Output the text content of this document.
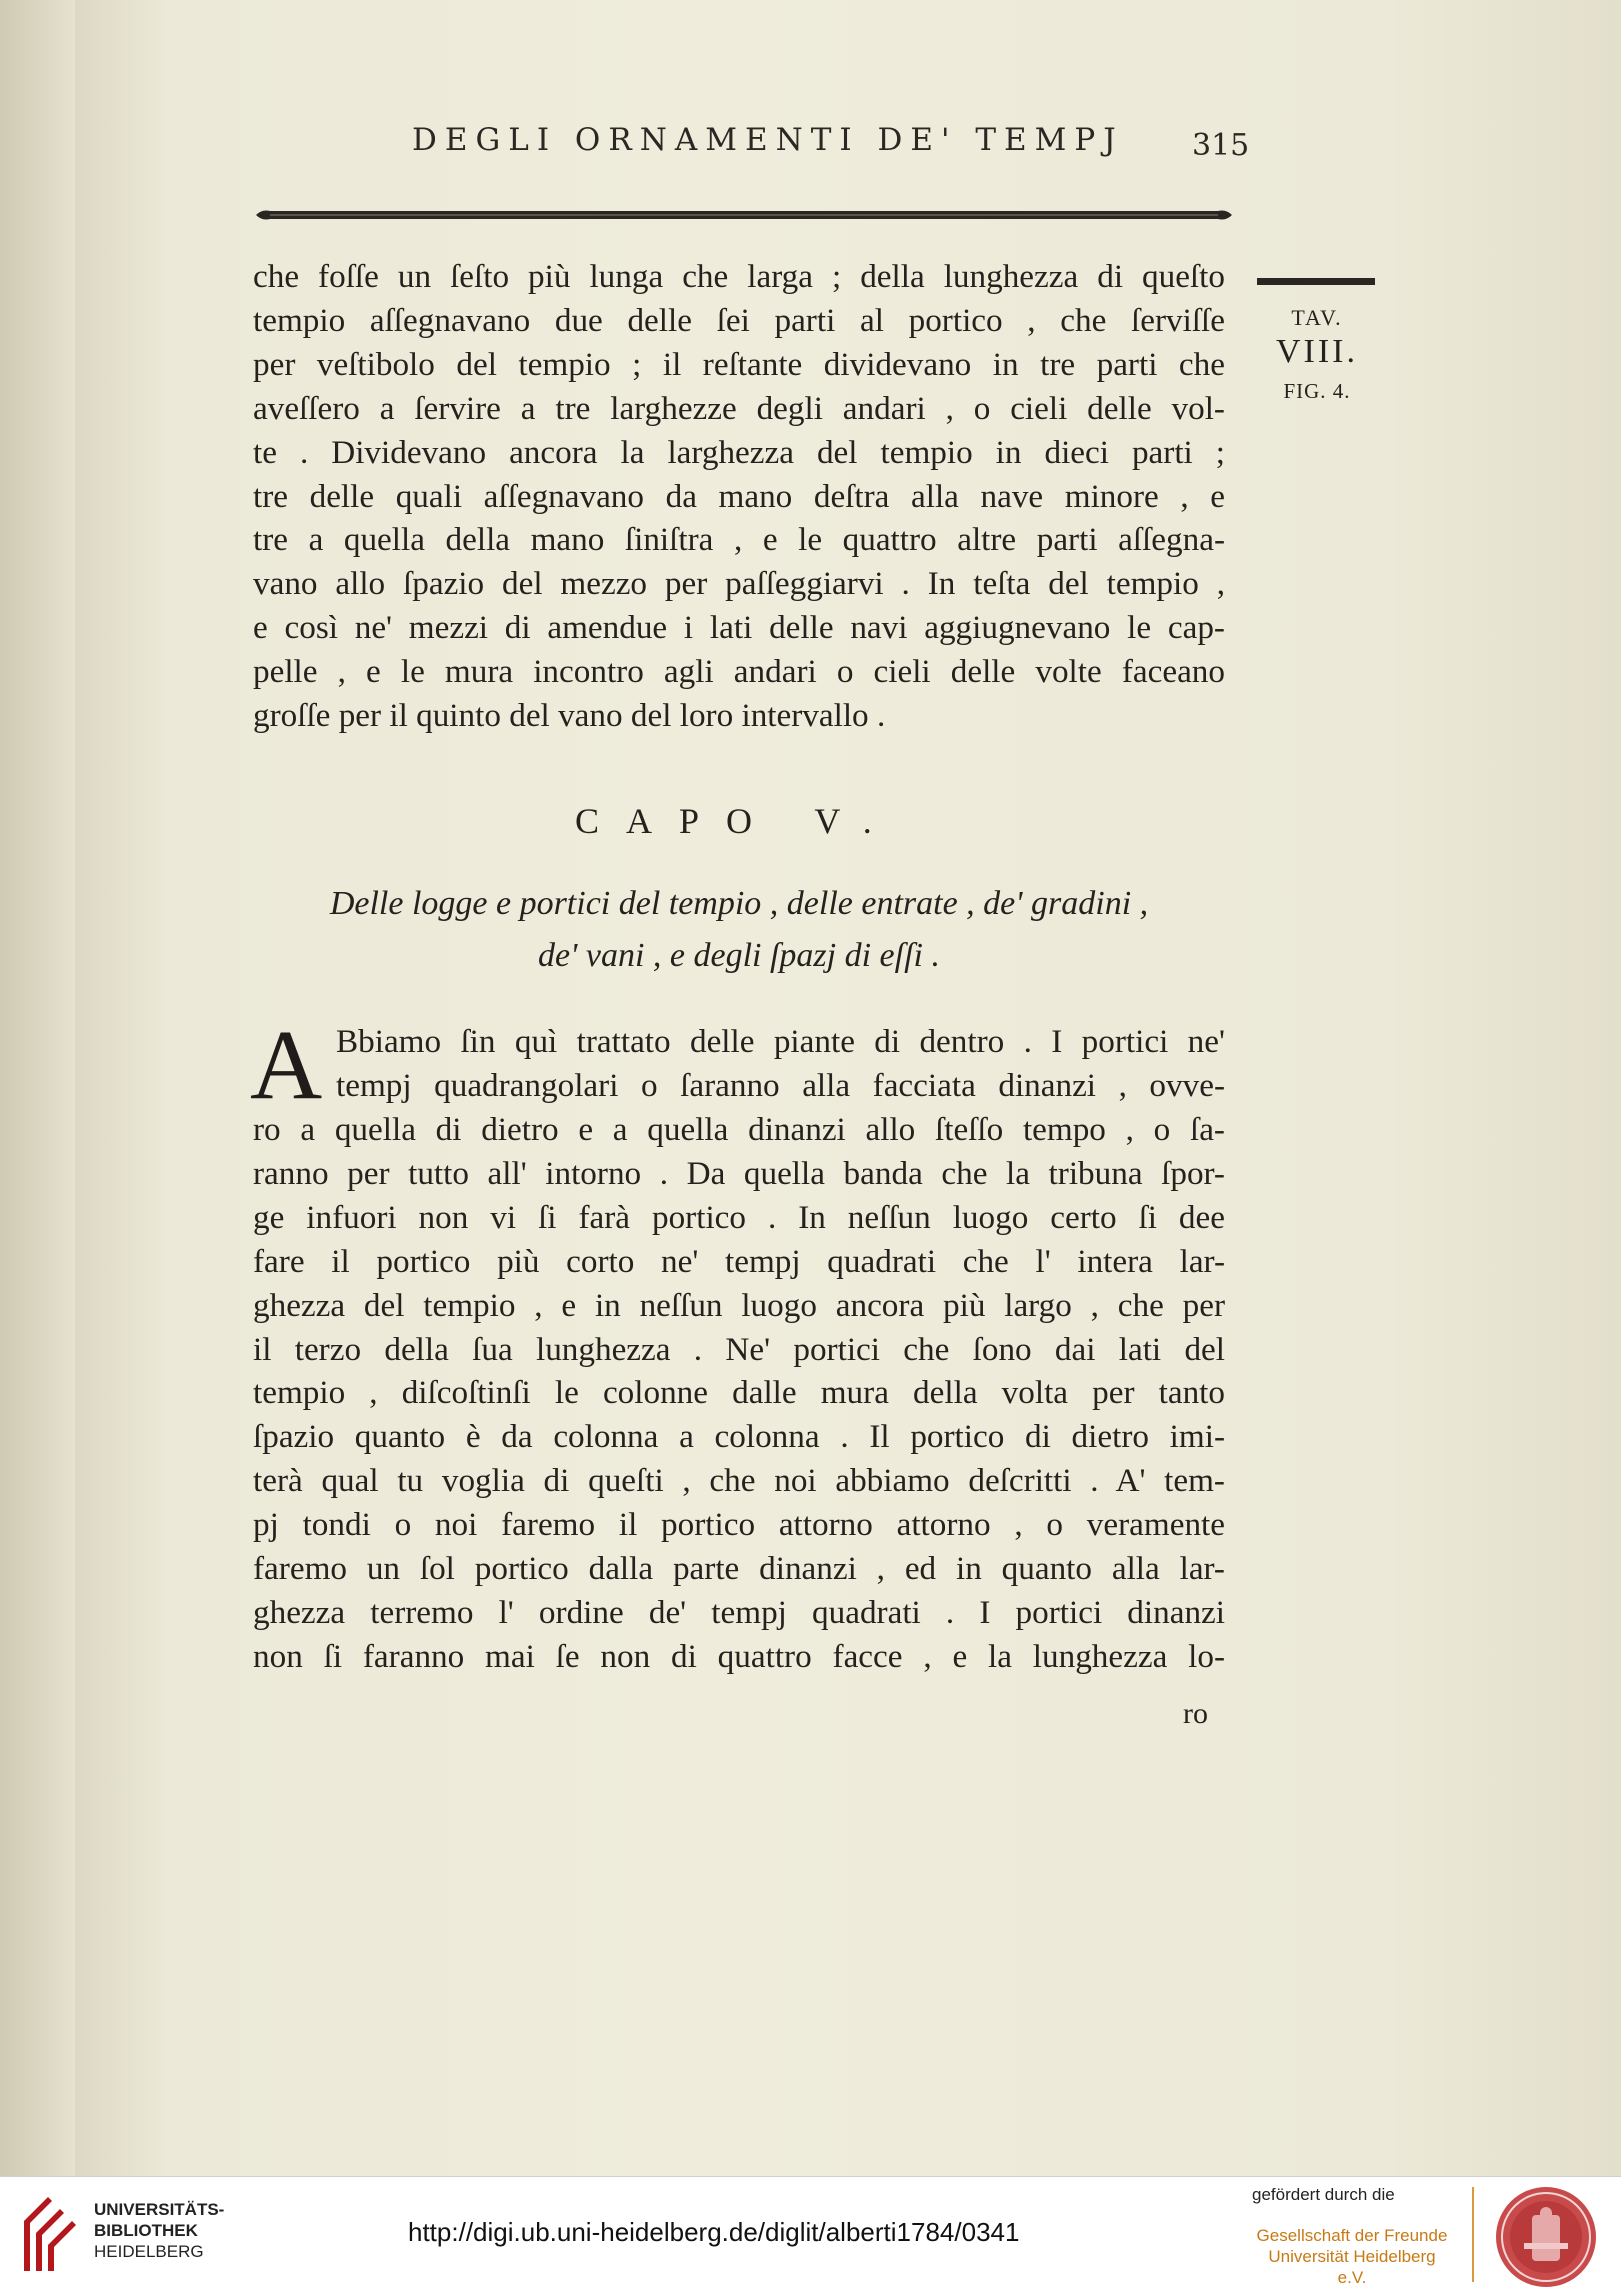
DEGLI ORNAMENTI DE' TEMPJ 315
TAV.
VIII.
FIG. 4.

che foſſe un ſeſto più lunga che larga ; della lunghezza di queſto
tempio aſſegnavano due delle ſei parti al portico , che ſerviſſe
per veſtibolo del tempio ; il reſtante dividevano in tre parti che
aveſſero a ſervire a tre larghezze degli andari , o cieli delle vol-
te . Dividevano ancora la larghezza del tempio in dieci parti ;
tre delle quali aſſegnavano da mano deſtra alla nave minore , e
tre a quella della mano ſiniſtra , e le quattro altre parti aſſegna-
vano allo ſpazio del mezzo per paſſeggiarvi . In teſta del tempio ,
e così ne' mezzi di amendue i lati delle navi aggiugnevano le cap-
pelle , e le mura incontro agli andari o cieli delle volte faceano
groſſe per il quinto del vano del loro intervallo .

CAPO V.

Delle logge e portici del tempio , delle entrate , de' gradini ,
de' vani , e degli ſpazj di eſſi .

A Bbiamo ſin quì trattato delle piante di dentro . I portici ne'
tempj quadrangolari o ſaranno alla facciata dinanzi , ovve-

ro a quella di dietro e a quella dinanzi allo ſteſſo tempo , o ſa-
ranno per tutto all' intorno . Da quella banda che la tribuna ſpor-
ge infuori non vi ſi farà portico . In neſſun luogo certo ſi dee
fare il portico più corto ne' tempj quadrati che l' intera lar-
ghezza del tempio , e in neſſun luogo ancora più largo , che per
il terzo della ſua lunghezza . Ne' portici che ſono dai lati del
tempio , diſcoſtinſi le colonne dalle mura della volta per tanto
ſpazio quanto è da colonna a colonna . Il portico di dietro imi-
terà qual tu voglia di queſti , che noi abbiamo deſcritti . A' tem-
pj tondi o noi faremo il portico attorno attorno , o veramente
faremo un ſol portico dalla parte dinanzi , ed in quanto alla lar-
ghezza terremo l' ordine de' tempj quadrati . I portici dinanzi
non ſi faranno mai ſe non di quattro facce , e la lunghezza lo-

ro
UNIVERSITÄTS-
BIBLIOTHEK
HEIDELBERG
http://digi.ub.uni-heidelberg.de/diglit/alberti1784/0341
gefördert durch die
Gesellschaft der Freunde
Universität Heidelberg e.V.
